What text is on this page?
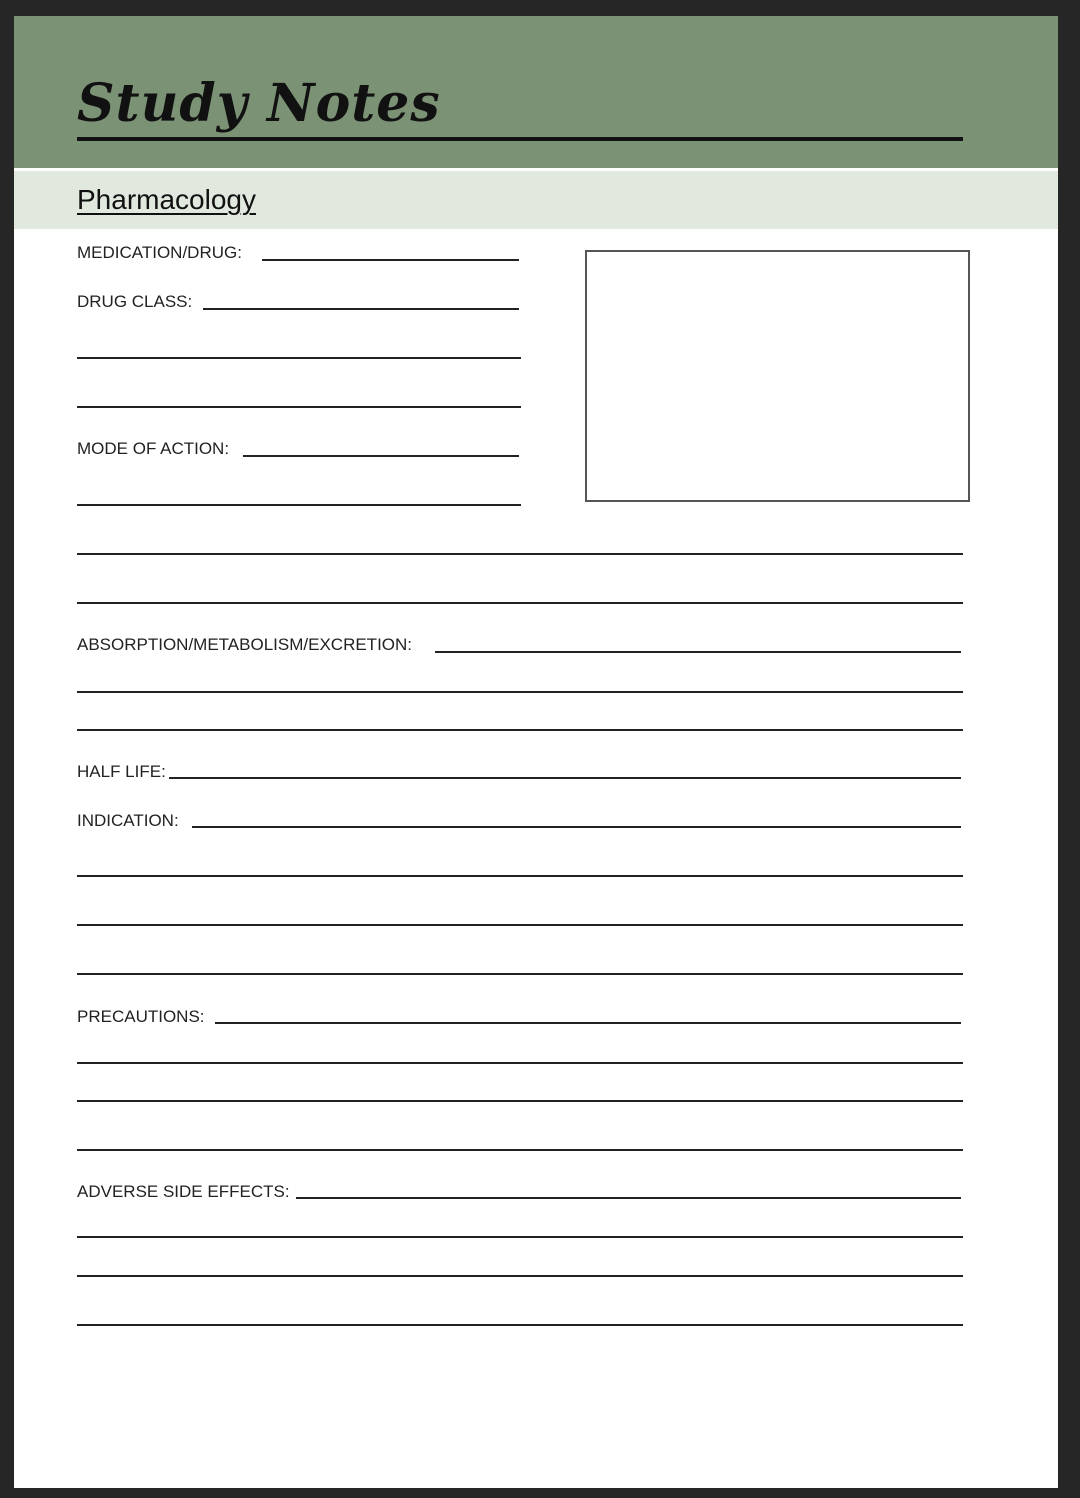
Study Notes
Pharmacology
MEDICATION/DRUG:
DRUG CLASS:
MODE OF ACTION:
ABSORPTION/METABOLISM/EXCRETION:
HALF LIFE:
INDICATION:
PRECAUTIONS:
ADVERSE SIDE EFFECTS:
